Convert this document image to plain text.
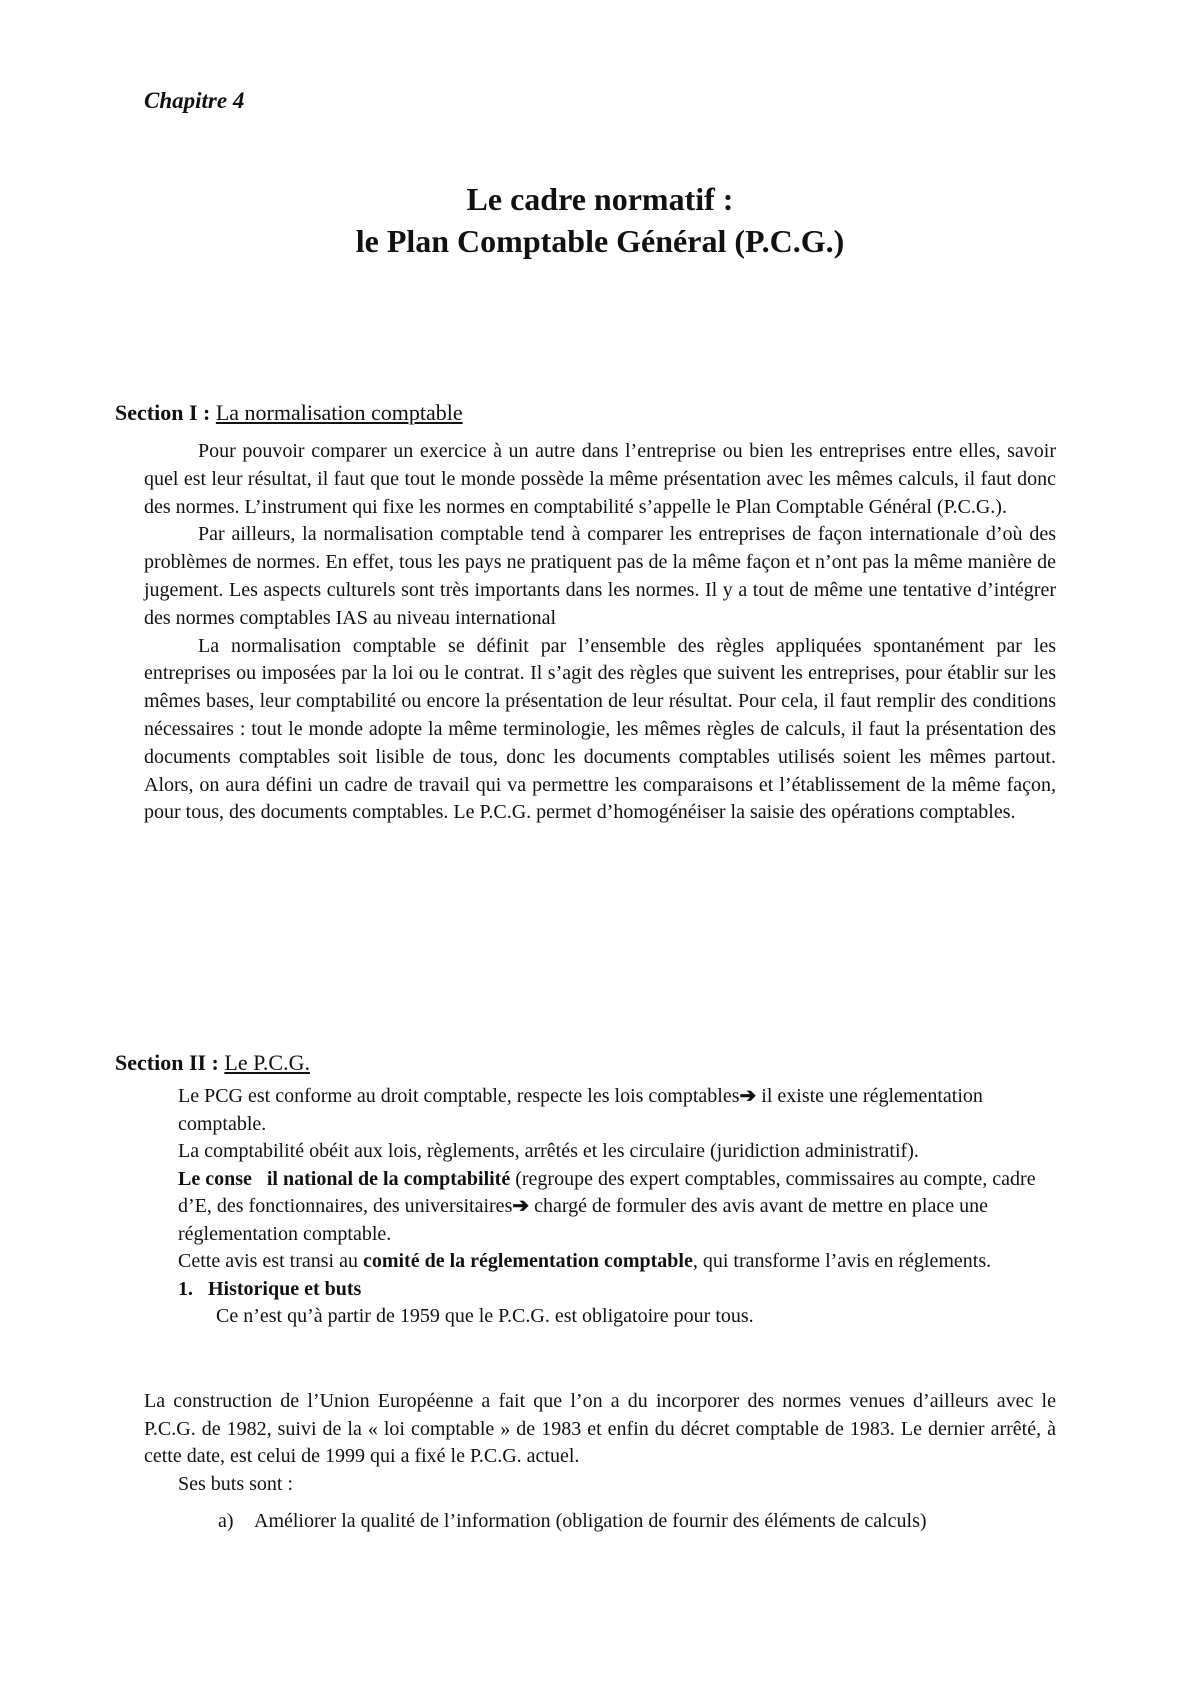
Chapitre 4
Le cadre normatif :
le Plan Comptable Général (P.C.G.)
Section I : La normalisation comptable

Pour pouvoir comparer un exercice à un autre dans l’entreprise ou bien les entreprises entre elles, savoir quel est leur résultat, il faut que tout le monde possède la même présentation avec les mêmes calculs, il faut donc des normes. L’instrument qui fixe les normes en comptabilité s’appelle le Plan Comptable Général (P.C.G.).

Par ailleurs, la normalisation comptable tend à comparer les entreprises de façon internationale d’où des problèmes de normes. En effet, tous les pays ne pratiquent pas de la même façon et n’ont pas la même manière de jugement. Les aspects culturels sont très importants dans les normes. Il y a tout de même une tentative d’intégrer des normes comptables IAS au niveau international

La normalisation comptable se définit par l’ensemble des règles appliquées spontanément par les entreprises ou imposées par la loi ou le contrat. Il s’agit des règles que suivent les entreprises, pour établir sur les mêmes bases, leur comptabilité ou encore la présentation de leur résultat. Pour cela, il faut remplir des conditions nécessaires : tout le monde adopte la même terminologie, les mêmes règles de calculs, il faut la présentation des documents comptables soit lisible de tous, donc les documents comptables utilisés soient les mêmes partout. Alors, on aura défini un cadre de travail qui va permettre les comparaisons et l’établissement de la même façon, pour tous, des documents comptables. Le P.C.G. permet d’homogénéiser la saisie des opérations comptables.

Section II : Le P.C.G.

Le PCG est conforme au droit comptable, respecte les lois comptables➔ il existe une réglementation comptable.

La comptabilité obéit aux lois, règlements, arrêtés et les circulaire (juridiction administratif).

Le conse   il national de la comptabilité (regroupe des expert comptables, commissaires au compte, cadre d’E, des fonctionnaires, des universitaires➔ chargé de formuler des avis avant de mettre en place une réglementation comptable.

Cette avis est transi au comité de la réglementation comptable, qui transforme l’avis en réglements.

1. Historique et buts

Ce n’est qu’à partir de 1959 que le P.C.G. est obligatoire pour tous.

La construction de l’Union Européenne a fait que l’on a du incorporer des normes venues d’ailleurs avec le P.C.G. de 1982, suivi de la « loi comptable » de 1983 et enfin du décret comptable de 1983. Le dernier arrêté, à cette date, est celui de 1999 qui a fixé le P.C.G. actuel.

Ses buts sont :
a)	Améliorer la qualité de l’information (obligation de fournir des éléments de calculs)
